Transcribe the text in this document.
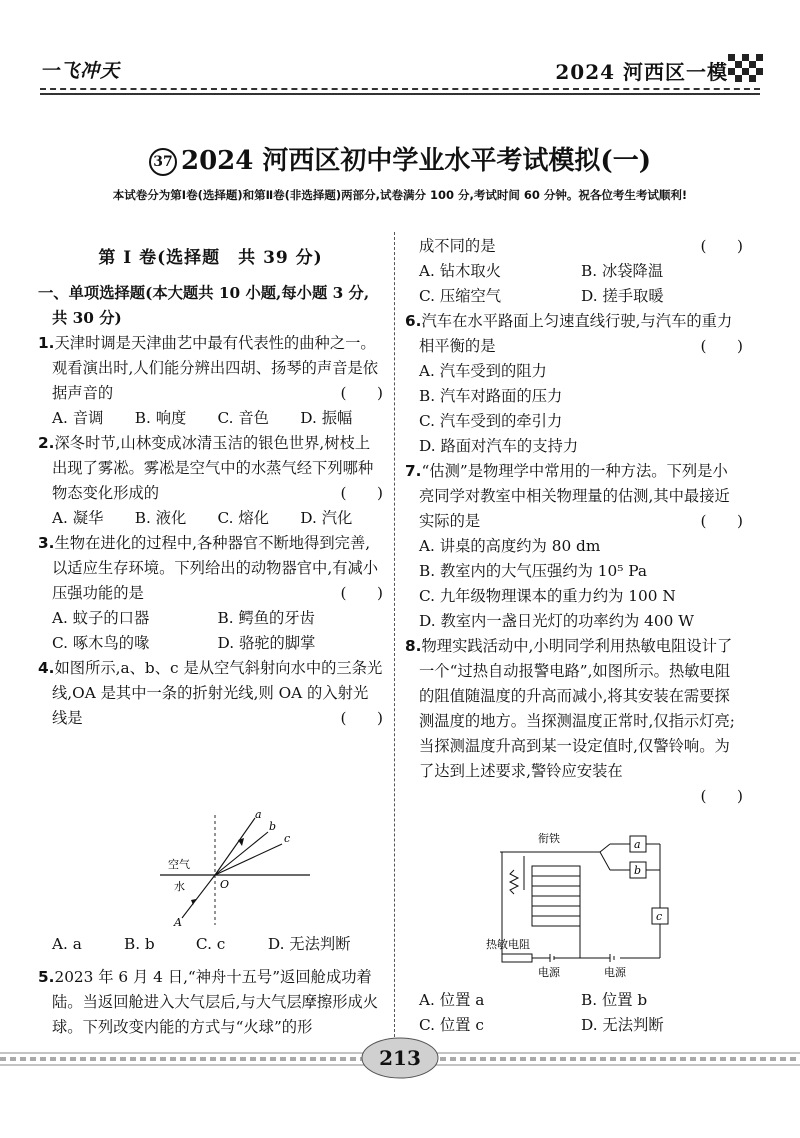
一飞冲天	2024 河西区一模
37 2024 河西区初中学业水平考试模拟(一)
本试卷分为第Ⅰ卷(选择题)和第Ⅱ卷(非选择题)两部分,试卷满分 100 分,考试时间 60 分钟。祝各位考生考试顺利!

第 Ⅰ 卷(选择题　共 39 分)

一、单项选择题(本大题共 10 小题,每小题 3 分,共 30 分)

1.天津时调是天津曲艺中最有代表性的曲种之一。观看演出时,人们能分辨出四胡、扬琴的声音是依据声音的	(　　)

A. 音调	B. 响度	C. 音色	D. 振幅

2.深冬时节,山林变成冰清玉洁的银色世界,树枝上出现了雾凇。雾凇是空气中的水蒸气经下列哪种物态变化形成的	(　　)

A. 凝华	B. 液化	C. 熔化	D. 汽化

3.生物在进化的过程中,各种器官不断地得到完善,以适应生存环境。下列给出的动物器官中,有减小压强功能的是	(　　)

A. 蚊子的口器	B. 鳄鱼的牙齿

C. 啄木鸟的喙	D. 骆驼的脚掌

4.如图所示,a、b、c 是从空气斜射向水中的三条光线,OA 是其中一条的折射光线,则 OA 的入射光线是	(　　)

空气
水	O
A
a
b
c

A. a	B. b	C. c	D. 无法判断

5.2023 年 6 月 4 日,“神舟十五号”返回舱成功着陆。当返回舱进入大气层后,与大气层摩擦形成火球。下列改变内能的方式与“火球”的形

成不同的是	(　　)

A. 钻木取火	B. 冰袋降温

C. 压缩空气	D. 搓手取暖

6.汽车在水平路面上匀速直线行驶,与汽车的重力相平衡的是	(　　)

A. 汽车受到的阻力

B. 汽车对路面的压力

C. 汽车受到的牵引力

D. 路面对汽车的支持力

7.“估测”是物理学中常用的一种方法。下列是小亮同学对教室中相关物理量的估测,其中最接近实际的是	(　　)

A. 讲桌的高度约为 80 dm

B. 教室内的大气压强约为 10⁵ Pa

C. 九年级物理课本的重力约为 100 N

D. 教室内一盏日光灯的功率约为 400 W

8.物理实践活动中,小明同学利用热敏电阻设计了一个“过热自动报警电路”,如图所示。热敏电阻的阻值随温度的升高而减小,将其安装在需要探测温度的地方。当探测温度正常时,仅指示灯亮;当探测温度升高到某一设定值时,仅警铃响。为了达到上述要求,警铃应安装在

(　　)

衔铁
热敏电阻
电源	电源
a
b
c

A. 位置 a	B. 位置 b

C. 位置 c	D. 无法判断

213
